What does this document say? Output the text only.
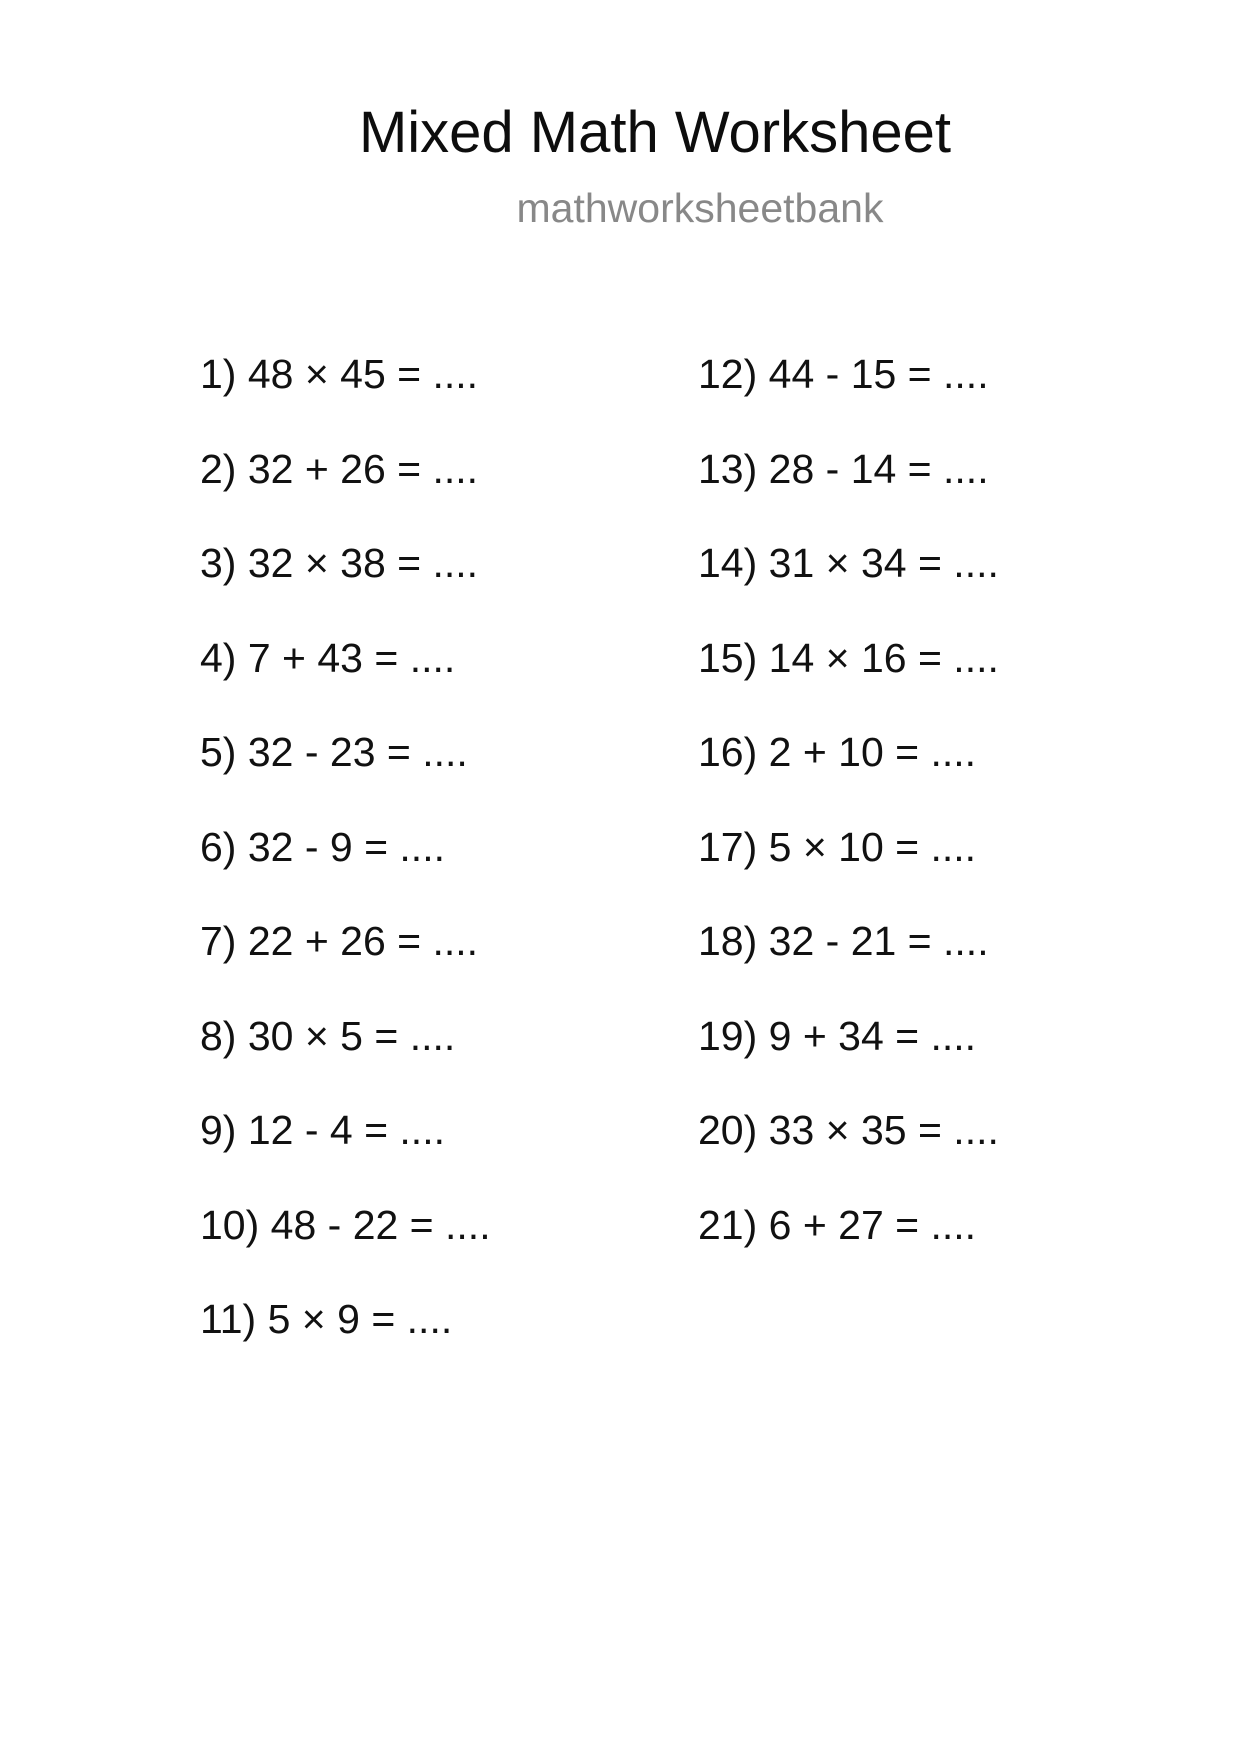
Mixed Math Worksheet
mathworksheetbank
1) 48 × 45 = ....
2) 32 + 26 = ....
3) 32 × 38 = ....
4) 7 + 43 = ....
5) 32 - 23 = ....
6) 32 - 9 = ....
7) 22 + 26 = ....
8) 30 × 5 = ....
9) 12 - 4 = ....
10) 48 - 22 = ....
11) 5 × 9 = ....
12) 44 - 15 = ....
13) 28 - 14 = ....
14) 31 × 34 = ....
15) 14 × 16 = ....
16) 2 + 10 = ....
17) 5 × 10 = ....
18) 32 - 21 = ....
19) 9 + 34 = ....
20) 33 × 35 = ....
21) 6 + 27 = ....
